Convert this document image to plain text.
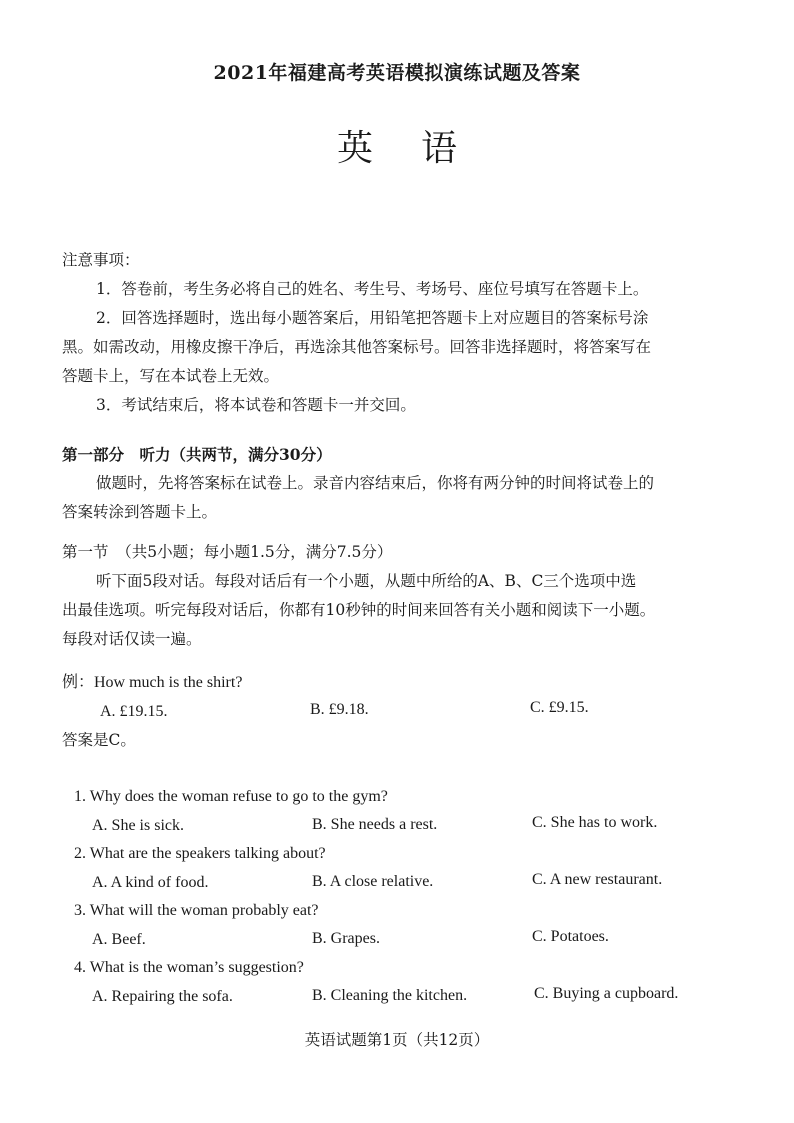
2021年福建高考英语模拟演练试题及答案
英语
注意事项：
1．答卷前，考生务必将自己的姓名、考生号、考场号、座位号填写在答题卡上。
2．回答选择题时，选出每小题答案后，用铅笔把答题卡上对应题目的答案标号涂
黑。如需改动，用橡皮擦干净后，再选涂其他答案标号。回答非选择题时，将答案写在
答题卡上，写在本试卷上无效。
3．考试结束后，将本试卷和答题卡一并交回。
第一部分　听力（共两节，满分30分）
做题时，先将答案标在试卷上。录音内容结束后，你将有两分钟的时间将试卷上的
答案转涂到答题卡上。
第一节　（共5小题；每小题1.5分，满分7.5分）
听下面5段对话。每段对话后有一个小题，从题中所给的A、B、C三个选项中选
出最佳选项。听完每段对话后，你都有10秒钟的时间来回答有关小题和阅读下一小题。
每段对话仅读一遍。
例：How much is the shirt?
A. £19.15.	B. £9.18.	C. £9.15.
答案是C。
1. Why does the woman refuse to go to the gym?
A. She is sick.	B. She needs a rest.	C. She has to work.
2. What are the speakers talking about?
A. A kind of food.	B. A close relative.	C. A new restaurant.
3. What will the woman probably eat?
A. Beef.	B. Grapes.	C. Potatoes.
4. What is the woman’s suggestion?
A. Repairing the sofa.	B. Cleaning the kitchen.	C. Buying a cupboard.
英语试题第1页（共12页）
